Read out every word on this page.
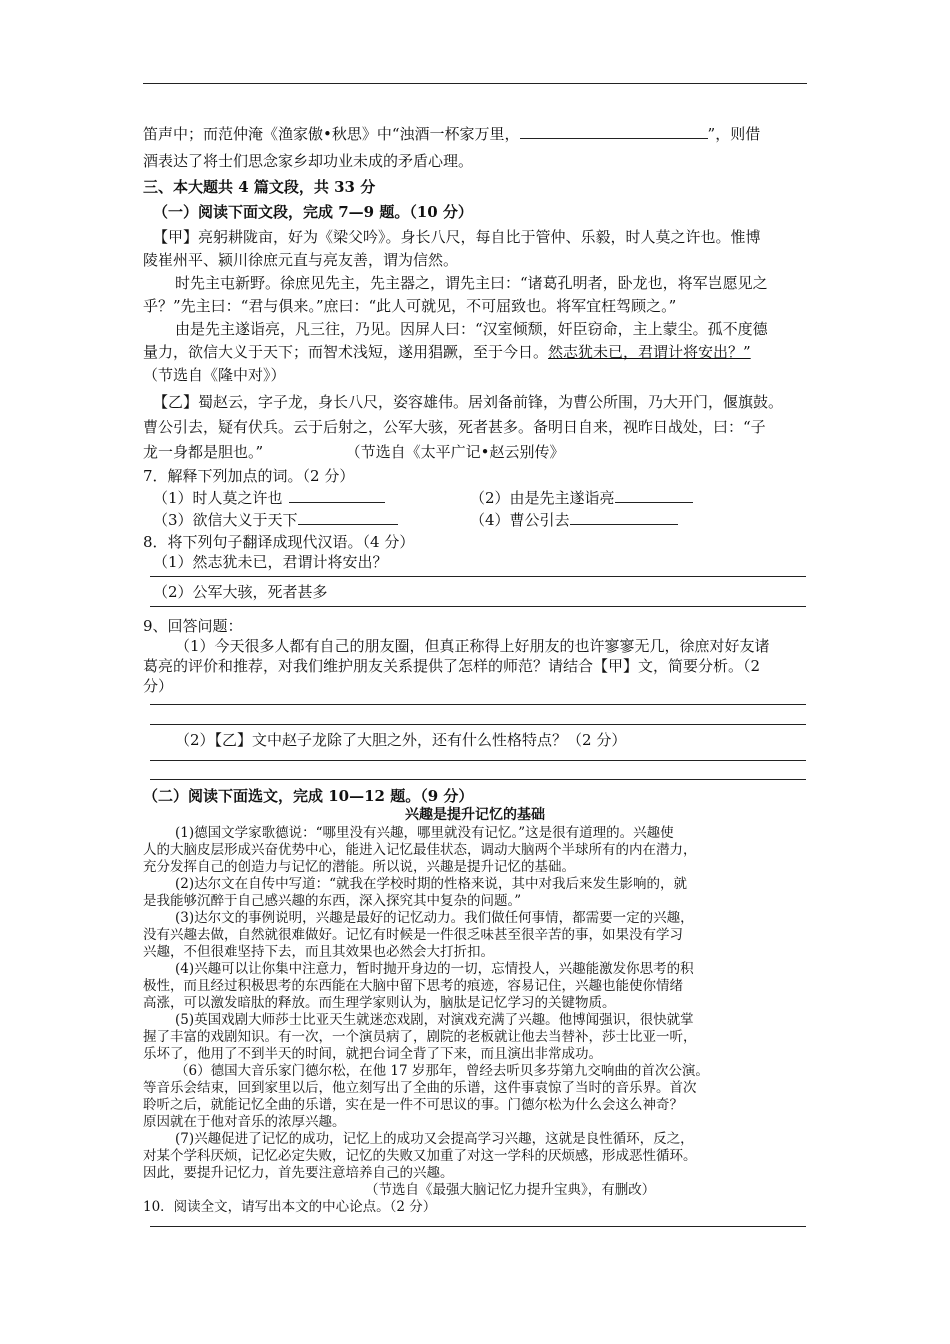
笛声中；而范仲淹《渔家傲•秋思》中“浊酒一杯家万里，	”，则借
酒表达了将士们思念家乡却功业未成的矛盾心理。
三、本大题共 4 篇文段，共 33 分
（一）阅读下面文段，完成 7—9 题。（10 分）
【甲】亮躬耕陇亩，好为《梁父吟》。身长八尺，每自比于管仲、乐毅，时人莫之许也。惟博
陵崔州平、颍川徐庶元直与亮友善，谓为信然。
时先主屯新野。徐庶见先主，先主器之，谓先主曰：“诸葛孔明者，卧龙也，将军岂愿见之
乎？”先主曰：“君与俱来。”庶曰：“此人可就见，不可屈致也。将军宜枉驾顾之。”
由是先主遂诣亮，凡三往，乃见。因屏人曰：“汉室倾颓，奸臣窃命，主上蒙尘。孤不度德
量力，欲信大义于天下；而智术浅短，遂用猖蹶，至于今日。然志犹未已，君谓计将安出？”
（节选自《隆中对》）
【乙】蜀赵云，字子龙，身长八尺，姿容雄伟。居刘备前锋，为曹公所围，乃大开门，偃旗鼓。
曹公引去，疑有伏兵。云于后射之，公军大骇，死者甚多。备明日自来，视昨日战处，曰：“子
龙一身都是胆也。”　　　　　　（节选自《太平广记•赵云别传》
7．解释下列加点的词。（2 分）
（1）时人莫之许也	（2）由是先主遂诣亮
（3）欲信大义于天下	（4）曹公引去
8．将下列句子翻译成现代汉语。（4 分）
（1）然志犹未已，君谓计将安出？
（2）公军大骇，死者甚多
9、回答问题：
（1）今天很多人都有自己的朋友圈，但真正称得上好朋友的也许寥寥无几，徐庶对好友诸
葛亮的评价和推荐，对我们维护朋友关系提供了怎样的师范？请结合【甲】文，简要分析。（2
分）
（2）【乙】文中赵子龙除了大胆之外，还有什么性格特点？（2 分）
（二）阅读下面选文，完成 10—12 题。（9 分）
兴趣是提升记忆的基础
(1)德国文学家歌德说：“哪里没有兴趣，哪里就没有记忆。”这是很有道理的。兴趣使
人的大脑皮层形成兴奋优势中心，能进入记忆最佳状态，调动大脑两个半球所有的内在潜力，
充分发挥自己的创造力与记忆的潜能。所以说，兴趣是提升记忆的基础。
(2)达尔文在自传中写道：“就我在学校时期的性格来说，其中对我后来发生影响的，就
是我能够沉醉于自己感兴趣的东西，深入探究其中复杂的问题。”
(3)达尔文的事例说明，兴趣是最好的记忆动力。我们做任何事情，都需要一定的兴趣，
没有兴趣去做，自然就很难做好。记忆有时候是一件很乏味甚至很辛苦的事，如果没有学习
兴趣，不但很难坚持下去，而且其效果也必然会大打折扣。
(4)兴趣可以让你集中注意力，暂时抛开身边的一切，忘情投人，兴趣能激发你思考的积
极性，而且经过积极思考的东西能在大脑中留下思考的痕迹，容易记住，兴趣也能使你情绪
高涨，可以激发暗肽的释放。而生理学家则认为，脑肽是记忆学习的关键物质。
(5)英国戏剧大师莎士比亚天生就迷恋戏剧，对演戏充满了兴趣。他博闻强识，很快就掌
握了丰富的戏剧知识。有一次，一个演员病了，剧院的老板就让他去当替补，莎士比亚一听，
乐坏了，他用了不到半天的时间，就把台词全背了下来，而且演出非常成功。
（6）德国大音乐家门德尔松，在他 17 岁那年，曾经去听贝多芬第九交响曲的首次公演。
等音乐会结束，回到家里以后，他立刻写出了全曲的乐谱，这件事袁惊了当时的音乐界。首次
聆听之后，就能记忆全曲的乐谱，实在是一件不可思议的事。门德尔松为什么会这么神奇？
原因就在于他对音乐的浓厚兴趣。
(7)兴趣促进了记忆的成功，记忆上的成功又会提高学习兴趣，这就是良性循环，反之，
对某个学科厌烦，记忆必定失败，记忆的失败又加重了对这一学科的厌烦感，形成恶性循环。
因此，要提升记忆力，首先要注意培养自己的兴趣。
（节选自《最强大脑记忆力提升宝典》，有删改）
10．阅读全文，请写出本文的中心论点。（2 分）
